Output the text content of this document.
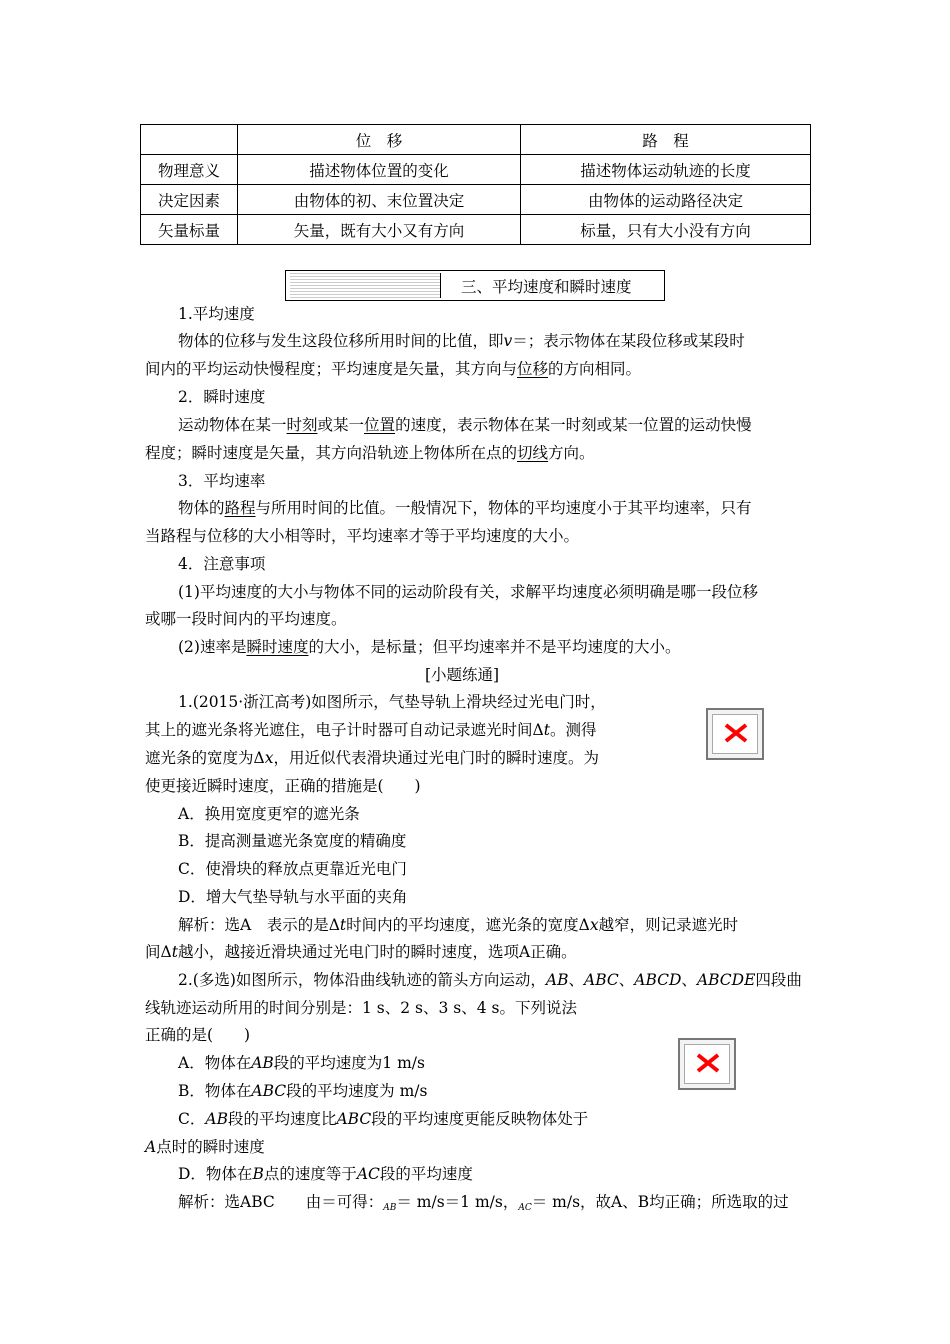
	位　移	路　程
物理意义	描述物体位置的变化	描述物体运动轨迹的长度
决定因素	由物体的初、末位置决定	由物体的运动路径决定
矢量标量	矢量，既有大小又有方向	标量，只有大小没有方向
三、平均速度和瞬时速度
1.平均速度
物体的位移与发生这段位移所用时间的比值，即v＝；表示物体在某段位移或某段时
间内的平均运动快慢程度；平均速度是矢量，其方向与位移的方向相同。
2．瞬时速度
运动物体在某一时刻或某一位置的速度，表示物体在某一时刻或某一位置的运动快慢
程度；瞬时速度是矢量，其方向沿轨迹上物体所在点的切线方向。
3．平均速率
物体的路程与所用时间的比值。一般情况下，物体的平均速度小于其平均速率，只有
当路程与位移的大小相等时，平均速率才等于平均速度的大小。
4．注意事项
(1)平均速度的大小与物体不同的运动阶段有关，求解平均速度必须明确是哪一段位移
或哪一段时间内的平均速度。
(2)速率是瞬时速度的大小，是标量；但平均速率并不是平均速度的大小。
[小题练通]
1.(2015·浙江高考)如图所示，气垫导轨上滑块经过光电门时，
其上的遮光条将光遮住，电子计时器可自动记录遮光时间Δt。测得
遮光条的宽度为Δx，用近似代表滑块通过光电门时的瞬时速度。为
使更接近瞬时速度，正确的措施是(　　)
A．换用宽度更窄的遮光条
B．提高测量遮光条宽度的精确度
C．使滑块的释放点更靠近光电门
D．增大气垫导轨与水平面的夹角
解析：选A　表示的是Δt时间内的平均速度，遮光条的宽度Δx越窄，则记录遮光时
间Δt越小，越接近滑块通过光电门时的瞬时速度，选项A正确。
2.(多选)如图所示，物体沿曲线轨迹的箭头方向运动，AB、ABC、ABCD、ABCDE四段曲
线轨迹运动所用的时间分别是：1 s、2 s、3 s、4 s。下列说法
正确的是(　　)
A．物体在AB段的平均速度为1 m/s
B．物体在ABC段的平均速度为 m/s
C．AB段的平均速度比ABC段的平均速度更能反映物体处于
A点时的瞬时速度
D．物体在B点的速度等于AC段的平均速度
解析：选ABC　　由＝可得：AB＝ m/s＝1 m/s，AC＝ m/s，故A、B均正确；所选取的过
